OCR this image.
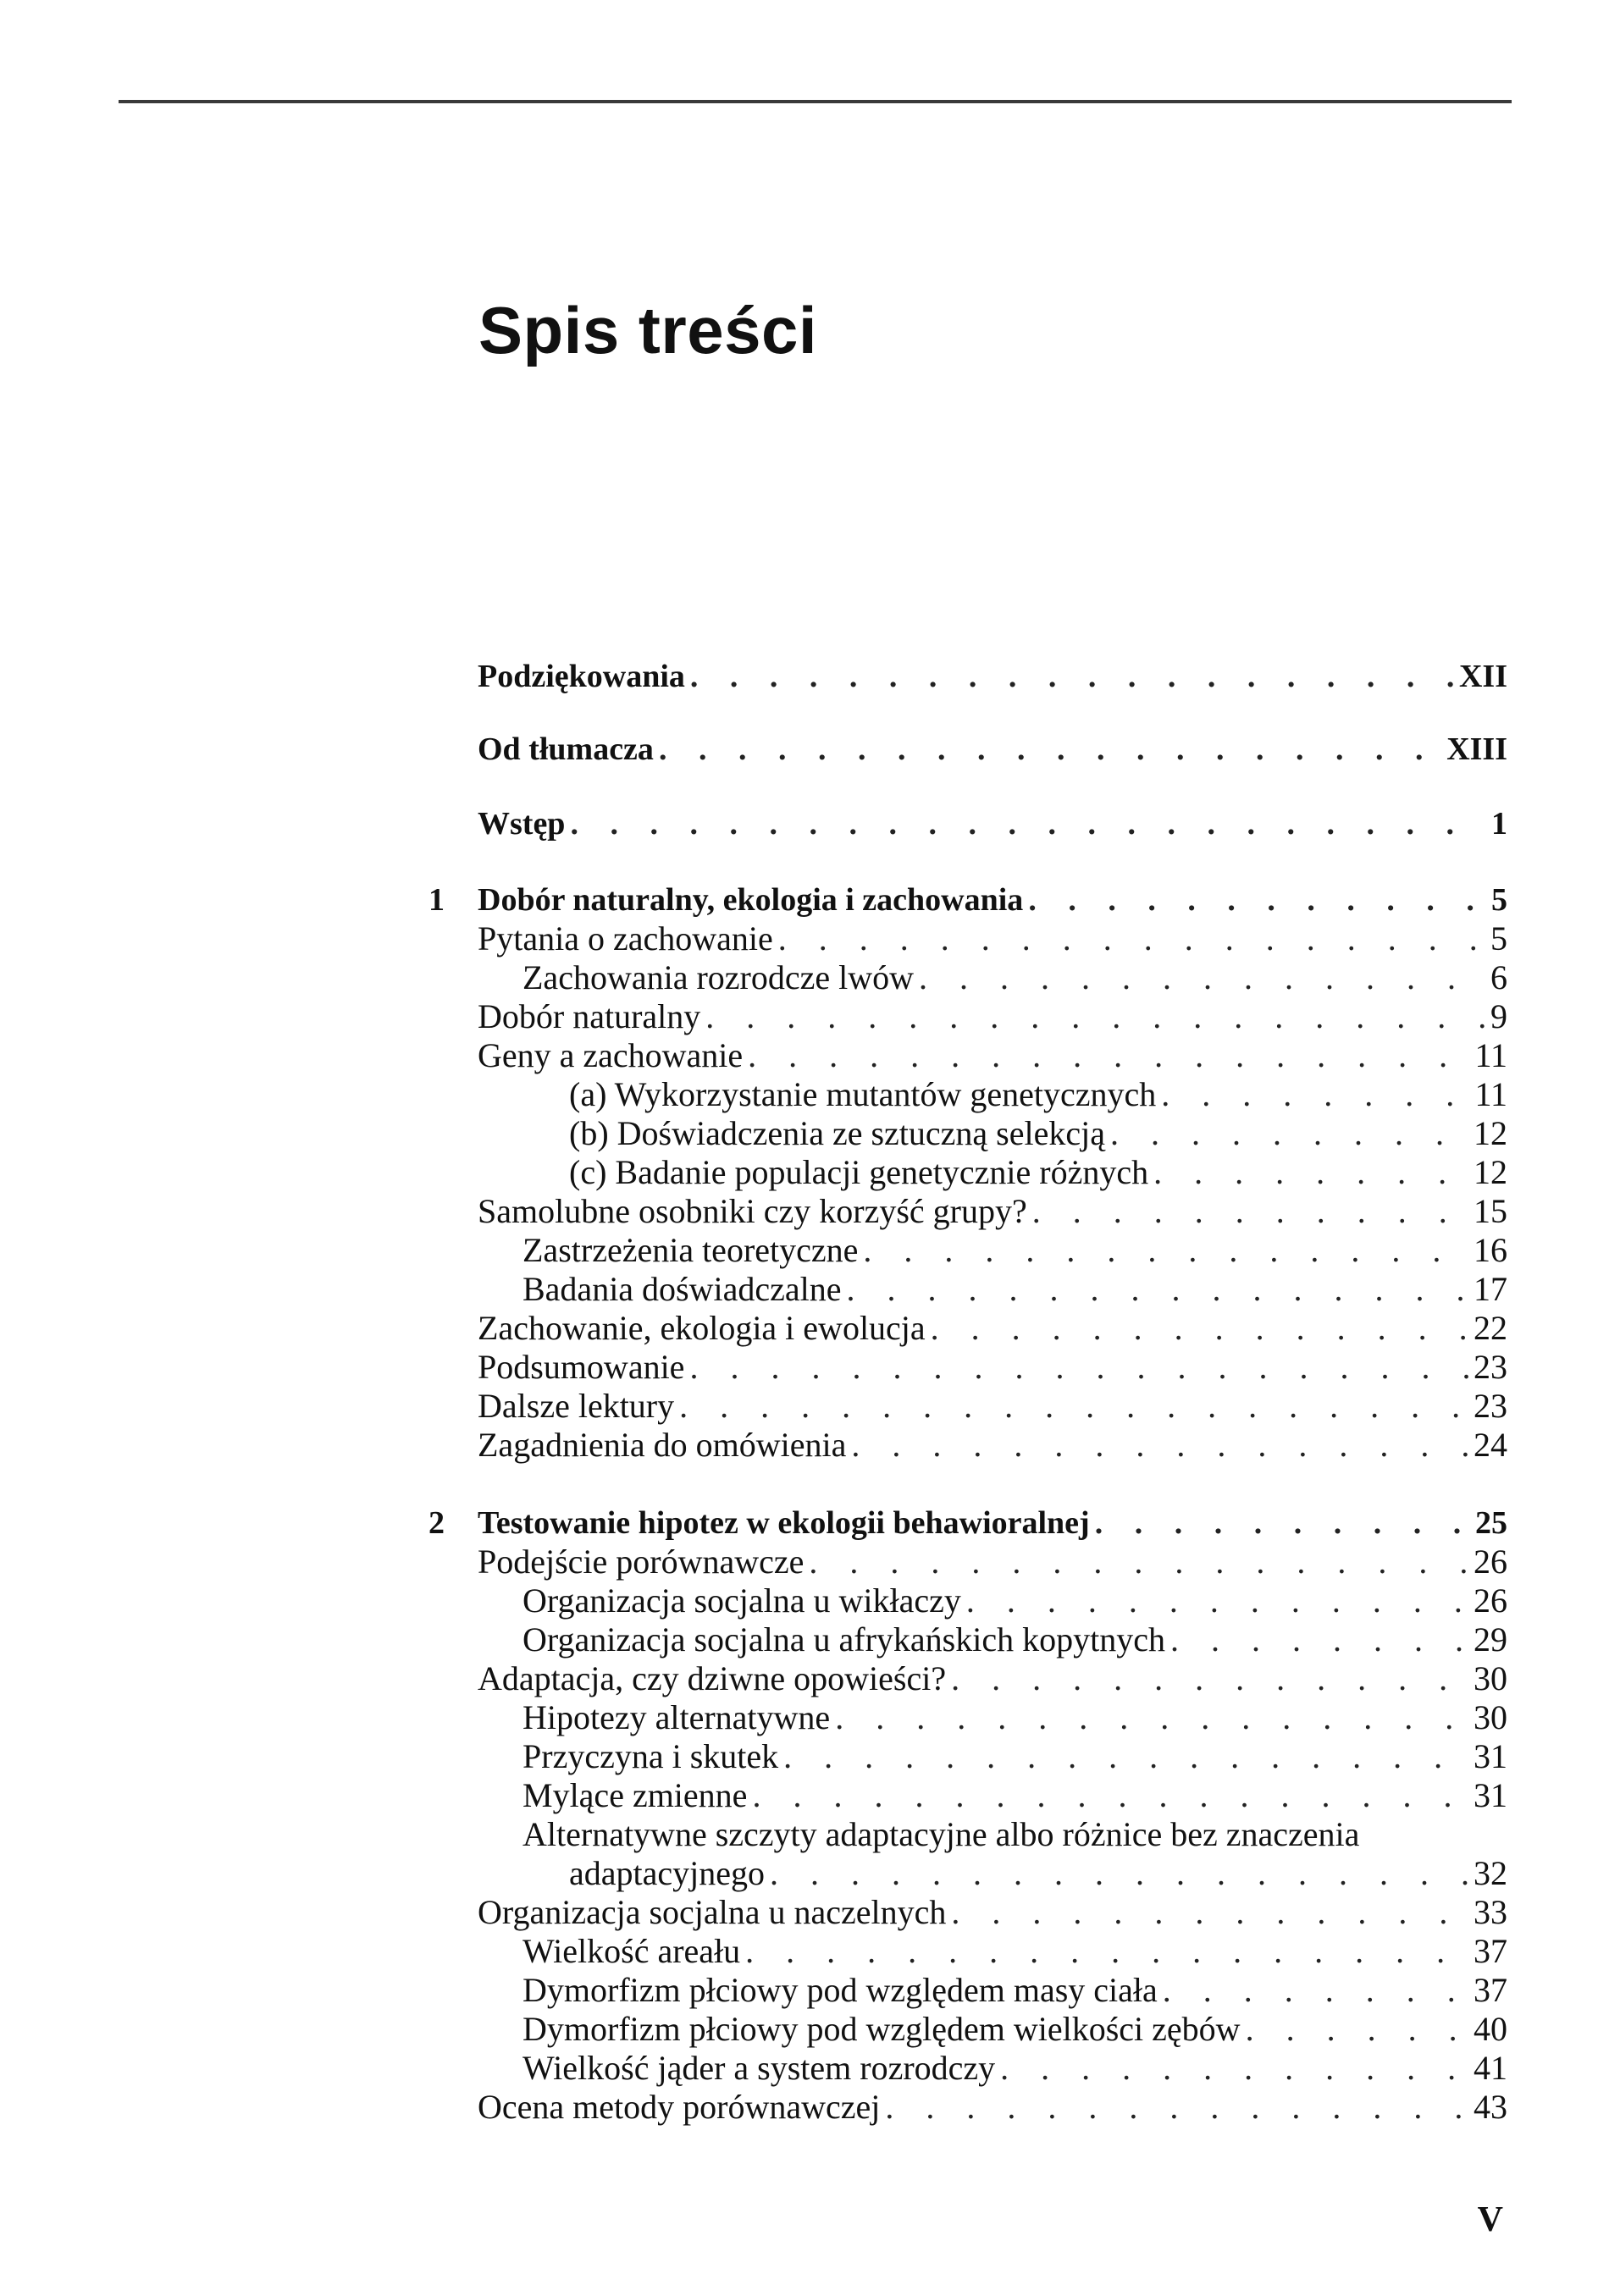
Spis treści
Podziękowania . . .	XII
Od tłumacza . . .	XIII
Wstęp . . .	1
1 Dobór naturalny, ekologia i zachowania . . .	5
Pytania o zachowanie . . .	5
Zachowania rozrodcze lwów . . .	6
Dobór naturalny . . .	9
Geny a zachowanie . . .	11
(a) Wykorzystanie mutantów genetycznych . . .	11
(b) Doświadczenia ze sztuczną selekcją . . .	12
(c) Badanie populacji genetycznie różnych . . .	12
Samolubne osobniki czy korzyść grupy? . . .	15
Zastrzeżenia teoretyczne . . .	16
Badania doświadczalne . . .	17
Zachowanie, ekologia i ewolucja . . .	22
Podsumowanie . . .	23
Dalsze lektury . . .	23
Zagadnienia do omówienia . . .	24
2 Testowanie hipotez w ekologii behawioralnej . . .	25
Podejście porównawcze . . .	26
Organizacja socjalna u wikłaczy . . .	26
Organizacja socjalna u afrykańskich kopytnych . . .	29
Adaptacja, czy dziwne opowieści? . . .	30
Hipotezy alternatywne . . .	30
Przyczyna i skutek . . .	31
Mylące zmienne . . .	31
Alternatywne szczyty adaptacyjne albo różnice bez znaczenia
adaptacyjnego . . .	32
Organizacja socjalna u naczelnych . . .	33
Wielkość areału . . .	37
Dymorfizm płciowy pod względem masy ciała . . .	37
Dymorfizm płciowy pod względem wielkości zębów . . .	40
Wielkość jąder a system rozrodczy . . .	41
Ocena metody porównawczej . . .	43
V
